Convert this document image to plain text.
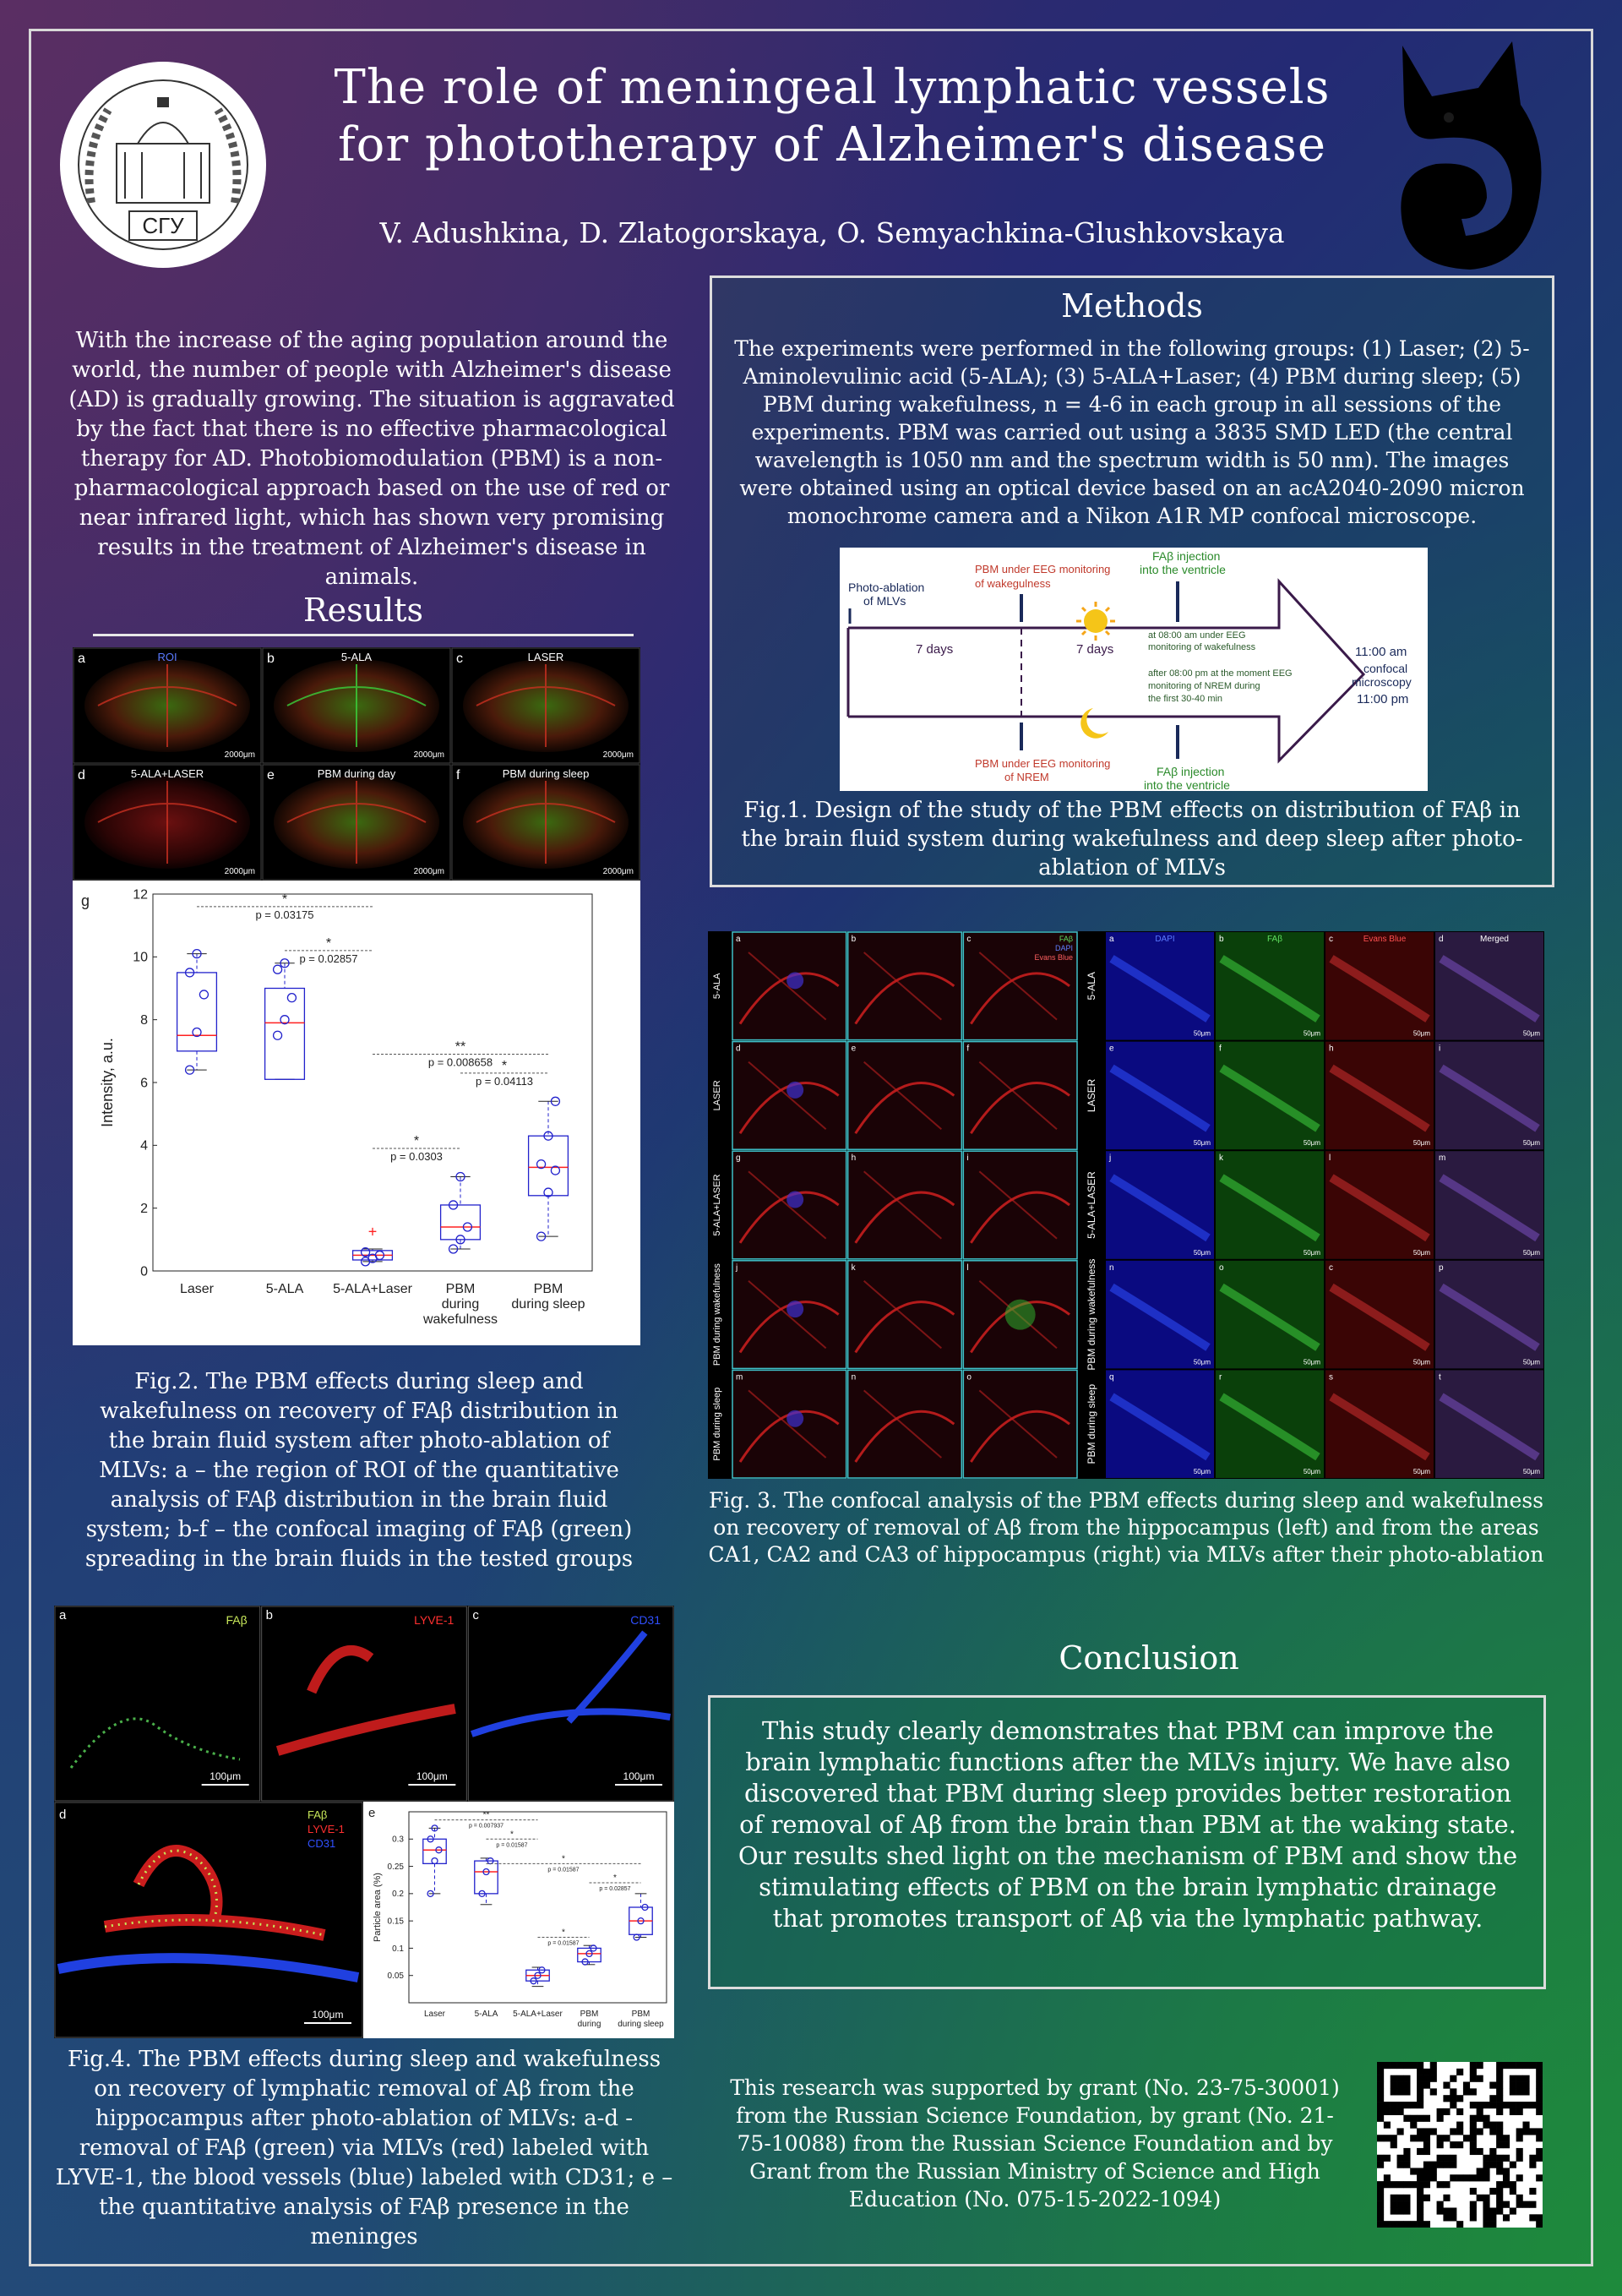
СГУ
The role of meningeal lymphatic vessels
for phototherapy of Alzheimer's disease
V. Adushkina, D. Zlatogorskaya, O. Semyachkina-Glushkovskaya
With the increase of the aging population around the world, the number of people with Alzheimer's disease (AD) is gradually growing. The situation is aggravated by the fact that there is no effective pharmacological therapy for AD. Photobiomodulation (PBM) is a non-pharmacological approach based on the use of red or near infrared light, which has shown very promising results in the treatment of Alzheimer's disease in animals.
Results
a	ROI
2000μm
b	5-ALA
2000μm
c	LASER
2000μm
d	5-ALA+LASER
2000μm
e	PBM during day
2000μm
f	PBM during sleep
2000μm
g
0
2
4
6
8
10
12
Intensity, a.u.
Laser	5-ALA
+
5-ALA+Laser PBM
during
wakefulness
PBM
during sleep
*
p = 0.03175
*
p = 0.02857
**
p = 0.008658 *
p = 0.04113
*
p = 0.0303
Fig.2. The PBM effects during sleep and wakefulness on recovery of FAβ distribution in the brain fluid system after photo-ablation of MLVs: a – the region of ROI of the quantitative analysis of FAβ distribution in the brain fluid system; b-f – the confocal imaging of FAβ (green) spreading in the brain fluids in the tested groups
Methods
The experiments were performed in the following groups: (1) Laser; (2) 5-Aminolevulinic acid (5-ALA); (3) 5-ALA+Laser; (4) PBM during sleep; (5) PBM during wakefulness, n = 4-6 in each group in all sessions of the experiments. PBM was carried out using a 3835 SMD LED (the central wavelength is 1050 nm and the spectrum width is 50 nm). The images were obtained using an optical device based on an acA2040-2090 micron monochrome camera and a Nikon A1R MP confocal microscope.
Photo-ablation
of MLVs
PBM under EEG monitoring
of wakegulness
FAβ injection
into the ventricle
7 days	7 days
at 08:00 am under EEG
monitoring of wakefulness
after 08:00 pm at the moment EEG
monitoring of NREM during
the first 30-40 min
PBM under EEG monitoring
of NREM	FAβ injection
into the ventricle
11:00 am
confocal
microscopy
11:00 pm
Fig.1. Design of the study of the PBM effects on distribution of FAβ in the brain fluid system during wakefulness and deep sleep after photo-ablation of MLVs
5-ALA
a	b	c
LASER
d	e	f
5-ALA+LASER
g	h	i
PBM during wakefulness j	k	l
PBM during sleep
m	n	o
FAβ
DAPI
Evans Blue
5-ALA
a	DAPI
50μm
b	FAβ
50μm
c	Evans Blue
50μm
d	Merged
50μm
LASER
e
50μm
f
50μm
h
50μm
i
50μm
5-ALA+LASER
j
50μm
k
50μm
l
50μm
m
50μm
PBM during wakefulness n
50μm
o
50μm
c
50μm
p
50μm
PBM during sleep
q
50μm
r
50μm
s
50μm
t
50μm
Fig. 3. The confocal analysis of the PBM effects during sleep and wakefulness on recovery of removal of Aβ from the hippocampus (left) and from the areas CA1, CA2 and CA3 of hippocampus (right) via MLVs after their photo-ablation
Conclusion
This study clearly demonstrates that PBM can improve the brain lymphatic functions after the MLVs injury. We have also discovered that PBM during sleep provides better restoration of removal of Aβ from the brain than PBM at the waking state. Our results shed light on the mechanism of PBM and show the stimulating effects of PBM on the brain lymphatic drainage that promotes transport of Aβ via the lymphatic pathway.
a	FAβ
100μm
b	LYVE-1
100μm
c	CD31
100μm
d	FAβ
LYVE-1
CD31
100μm
e
0.05
0.1
0.15
0.2
0.25
0.3
Particle area (%)
Laser	5-ALA 5-ALA+Laser PBM
during
PBM
during sleep
**
p = 0.007937
*
p = 0.01587
*
p = 0.01587
*
p = 0.02857
*
p = 0.01587
Fig.4. The PBM effects during sleep and wakefulness on recovery of lymphatic removal of Aβ from the hippocampus after photo-ablation of MLVs: a-d - removal of FAβ (green) via MLVs (red) labeled with LYVE-1, the blood vessels (blue) labeled with CD31; e – the quantitative analysis of FAβ presence in the meninges
This research was supported by grant (No. 23-75-30001) from the Russian Science Foundation, by grant (No. 21-75-10088) from the Russian Science Foundation and by Grant from the Russian Ministry of Science and High Education (No. 075-15-2022-1094)
